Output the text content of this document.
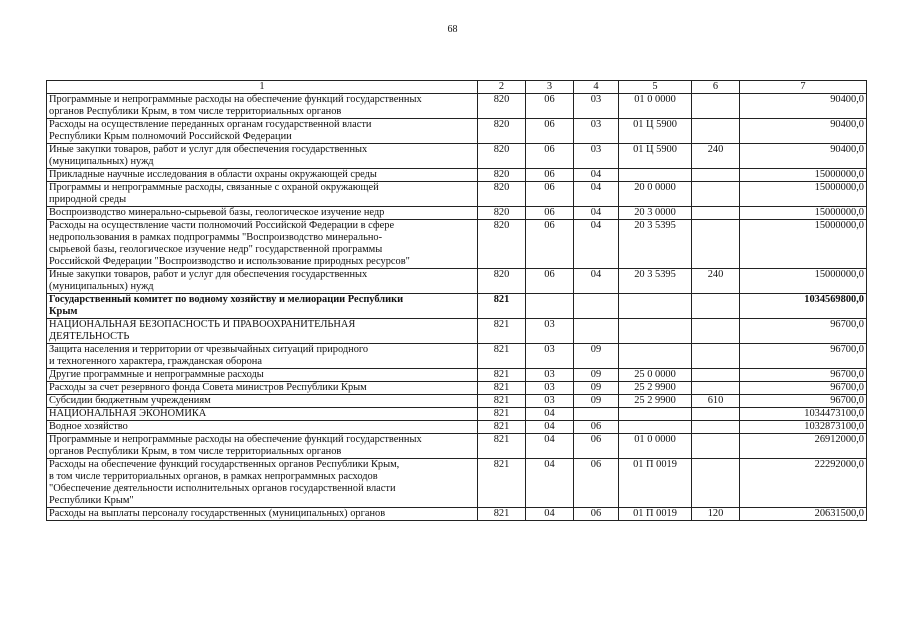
68
1	2	3	4	5	6	7

Программные и непрограммные расходы на обеспечение функций государственных
органов Республики Крым, в том числе территориальных органов	820	06	03	01 0 0000		90400,0

Расходы на осуществление переданных органам государственной власти
Республики Крым полномочий Российской Федерации	820	06	03	01 Ц 5900		90400,0

Иные закупки товаров, работ и услуг для обеспечения государственных
(муниципальных) нужд	820	06	03	01 Ц 5900	240	90400,0

Прикладные научные исследования в области охраны окружающей среды	820	06	04			15000000,0

Программы и непрограммные расходы, связанные с охраной окружающей
природной среды	820	06	04	20 0 0000		15000000,0

Воспроизводство минерально-сырьевой базы, геологическое изучение недр	820	06	04	20 3 0000		15000000,0

Расходы на осуществление части полномочий Российской Федерации в сфере
недропользования в рамках подпрограммы "Воспроизводство минерально-
сырьевой базы, геологическое изучение недр" государственной программы
Российской Федерации "Воспроизводство и использование природных ресурсов"	820	06	04	20 3 5395		15000000,0

Иные закупки товаров, работ и услуг для обеспечения государственных
(муниципальных) нужд	820	06	04	20 3 5395	240	15000000,0

Государственный комитет по водному хозяйству и мелиорации Республики
Крым	821					1034569800,0

НАЦИОНАЛЬНАЯ БЕЗОПАСНОСТЬ И ПРАВООХРАНИТЕЛЬНАЯ
ДЕЯТЕЛЬНОСТЬ	821	03				96700,0

Защита населения и территории от чрезвычайных ситуаций природного
и техногенного характера, гражданская оборона	821	03	09			96700,0

Другие программные и непрограммные расходы	821	03	09	25 0 0000		96700,0

Расходы за счет резервного фонда Совета министров Республики Крым	821	03	09	25 2 9900		96700,0

Субсидии бюджетным учреждениям	821	03	09	25 2 9900	610	96700,0

НАЦИОНАЛЬНАЯ ЭКОНОМИКА	821	04				1034473100,0

Водное хозяйство	821	04	06			1032873100,0

Программные и непрограммные расходы на обеспечение функций государственных
органов Республики Крым, в том числе территориальных органов	821	04	06	01 0 0000		26912000,0

Расходы на обеспечение функций государственных органов Республики Крым,
в том числе территориальных органов, в рамках непрограммных расходов
"Обеспечение деятельности исполнительных органов государственной власти
Республики Крым"	821	04	06	01 П 0019		22292000,0

Расходы на выплаты персоналу государственных (муниципальных) органов	821	04	06	01 П 0019	120	20631500,0
